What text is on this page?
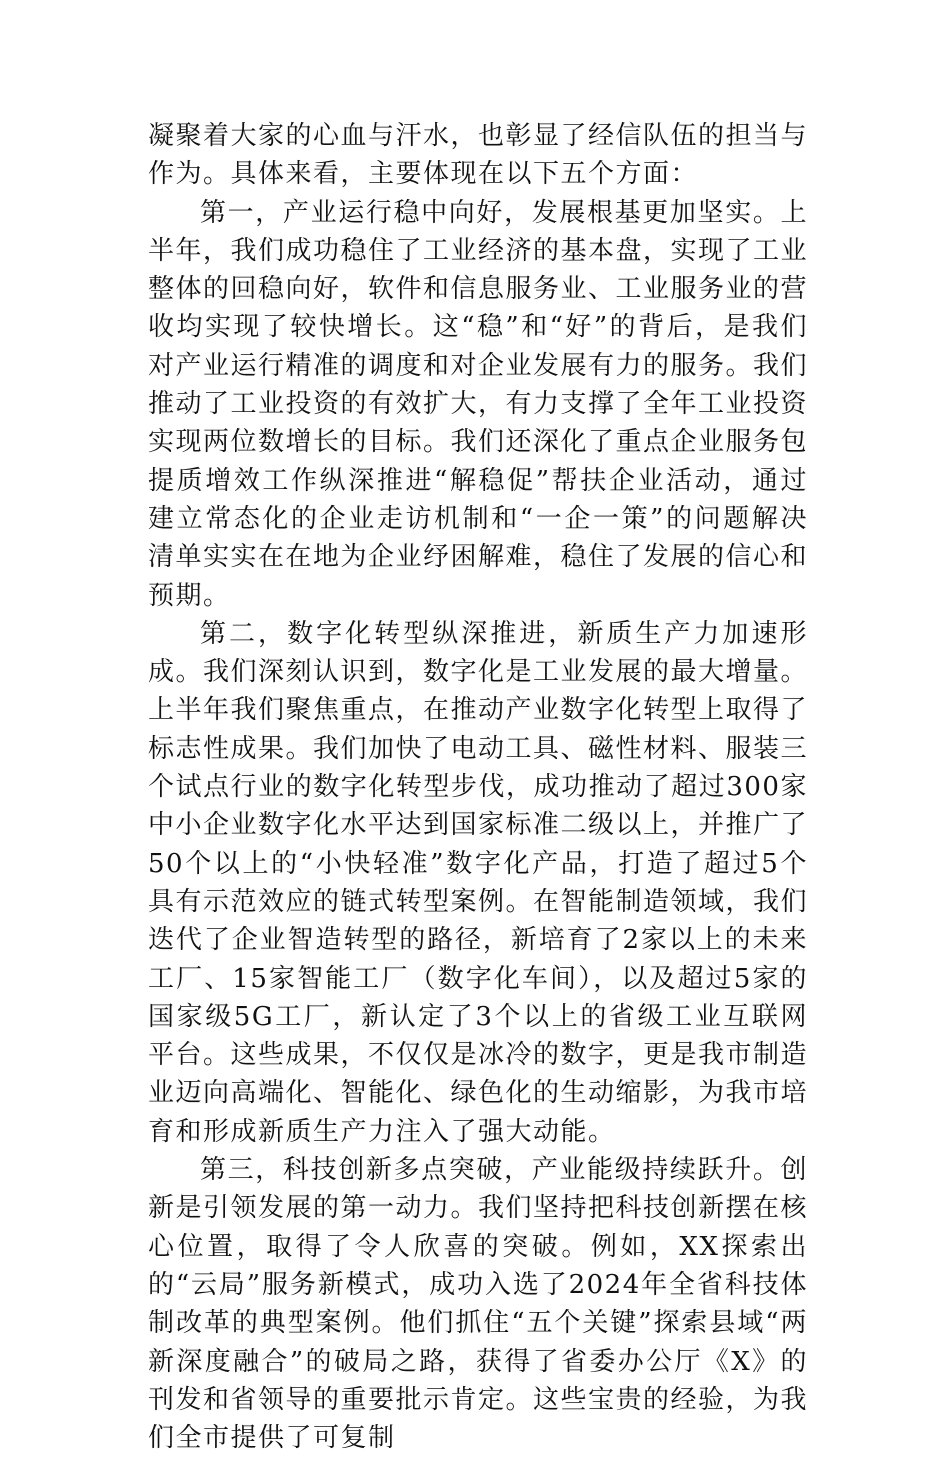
凝聚着大家的心血与汗水，也彰显了经信队伍的担当与作为。具体来看，主要体现在以下五个方面：

第一，产业运行稳中向好，发展根基更加坚实。上半年，我们成功稳住了工业经济的基本盘，实现了工业整体的回稳向好，软件和信息服务业、工业服务业的营收均实现了较快增长。这“稳”和“好”的背后，是我们对产业运行精准的调度和对企业发展有力的服务。我们推动了工业投资的有效扩大，有力支撑了全年工业投资实现两位数增长的目标。我们还深化了重点企业服务包提质增效工作纵深推进“解稳促”帮扶企业活动，通过建立常态化的企业走访机制和“一企一策”的问题解决清单实实在在地为企业纾困解难，稳住了发展的信心和预期。

第二，数字化转型纵深推进，新质生产力加速形成。我们深刻认识到，数字化是工业发展的最大增量。上半年我们聚焦重点，在推动产业数字化转型上取得了标志性成果。我们加快了电动工具、磁性材料、服装三个试点行业的数字化转型步伐，成功推动了超过300家中小企业数字化水平达到国家标准二级以上，并推广了50个以上的“小快轻准”数字化产品，打造了超过5个具有示范效应的链式转型案例。在智能制造领域，我们迭代了企业智造转型的路径，新培育了2家以上的未来工厂、15家智能工厂（数字化车间），以及超过5家的国家级5G工厂，新认定了3个以上的省级工业互联网平台。这些成果，不仅仅是冰冷的数字，更是我市制造业迈向高端化、智能化、绿色化的生动缩影，为我市培育和形成新质生产力注入了强大动能。

第三，科技创新多点突破，产业能级持续跃升。创新是引领发展的第一动力。我们坚持把科技创新摆在核心位置，取得了令人欣喜的突破。例如，XX探索出的“云局”服务新模式，成功入选了2024年全省科技体制改革的典型案例。他们抓住“五个关键”探索县域“两新深度融合”的破局之路，获得了省委办公厅《X》的刊发和省领导的重要批示肯定。这些宝贵的经验，为我们全市提供了可复制
